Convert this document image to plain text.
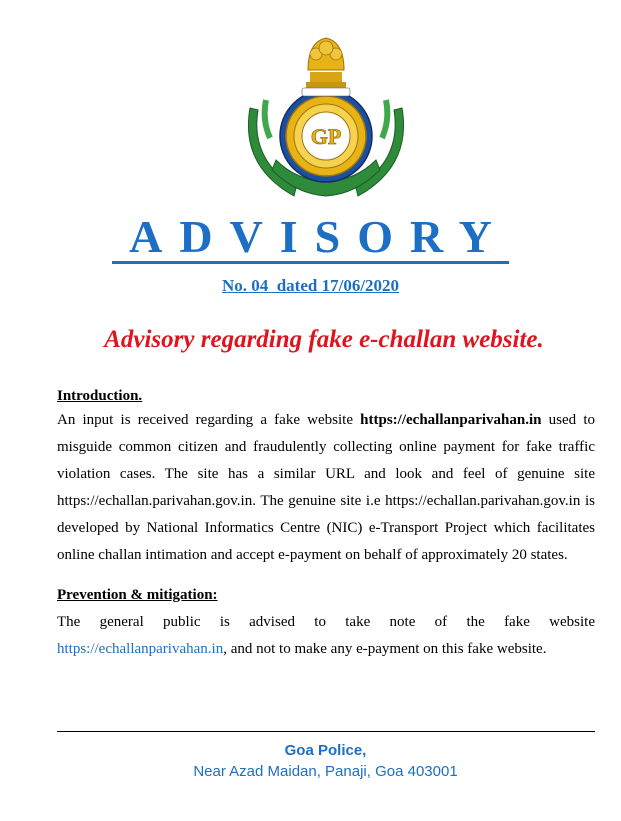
GP
ADVISORY
No. 04  dated 17/06/2020
Advisory regarding fake e-challan website.
Introduction.
An input is received regarding a fake website https://echallanparivahan.in used to misguide common citizen and fraudulently collecting online payment for fake traffic violation cases. The site has a similar URL and look and feel of genuine site https://echallan.parivahan.gov.in. The genuine site i.e https://echallan.parivahan.gov.in is developed by National Informatics Centre (NIC) e-Transport Project which facilitates online challan intimation and accept e-payment on behalf of approximately 20 states.
Prevention & mitigation:
The general public is advised to take note of the fake website https://echallanparivahan.in, and not to make any e-payment on this fake website.
Goa Police,
Near Azad Maidan, Panaji, Goa 403001
